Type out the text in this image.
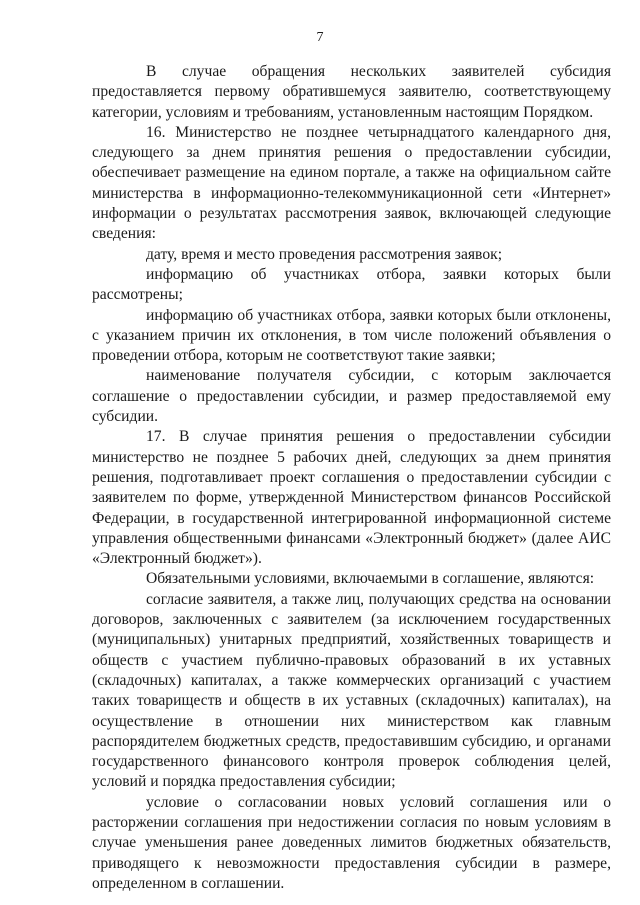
7

В случае обращения нескольких заявителей субсидия предоставляется первому обратившемуся заявителю, соответствующему категории, условиям и требованиям, установленным настоящим Порядком.

16. Министерство не позднее четырнадцатого календарного дня, следующего за днем принятия решения о предоставлении субсидии, обеспечивает размещение на едином портале, а также на официальном сайте министерства в информационно-телекоммуникационной сети «Интернет» информации о результатах рассмотрения заявок, включающей следующие сведения:

дату, время и место проведения рассмотрения заявок;

информацию об участниках отбора, заявки которых были рассмотрены;

информацию об участниках отбора, заявки которых были отклонены, с указанием причин их отклонения, в том числе положений объявления о проведении отбора, которым не соответствуют такие заявки;

наименование получателя субсидии, с которым заключается соглашение о предоставлении субсидии, и размер предоставляемой ему субсидии.

17. В случае принятия решения о предоставлении субсидии министерство не позднее 5 рабочих дней, следующих за днем принятия решения, подготавливает проект соглашения о предоставлении субсидии с заявителем по форме, утвержденной Министерством финансов Российской Федерации, в государственной интегрированной информационной системе управления общественными финансами «Электронный бюджет» (далее АИС «Электронный бюджет»).

Обязательными условиями, включаемыми в соглашение, являются:

согласие заявителя, а также лиц, получающих средства на основании договоров, заключенных с заявителем (за исключением государственных (муниципальных) унитарных предприятий, хозяйственных товариществ и обществ с участием публично-правовых образований в их уставных (складочных) капиталах, а также коммерческих организаций с участием таких товариществ и обществ в их уставных (складочных) капиталах), на осуществление в отношении них министерством как главным распорядителем бюджетных средств, предоставившим субсидию, и органами государственного финансового контроля проверок соблюдения целей, условий и порядка предоставления субсидии;

условие о согласовании новых условий соглашения или о расторжении соглашения при недостижении согласия по новым условиям в случае уменьшения ранее доведенных лимитов бюджетных обязательств, приводящего к невозможности предоставления субсидии в размере, определенном в соглашении.
